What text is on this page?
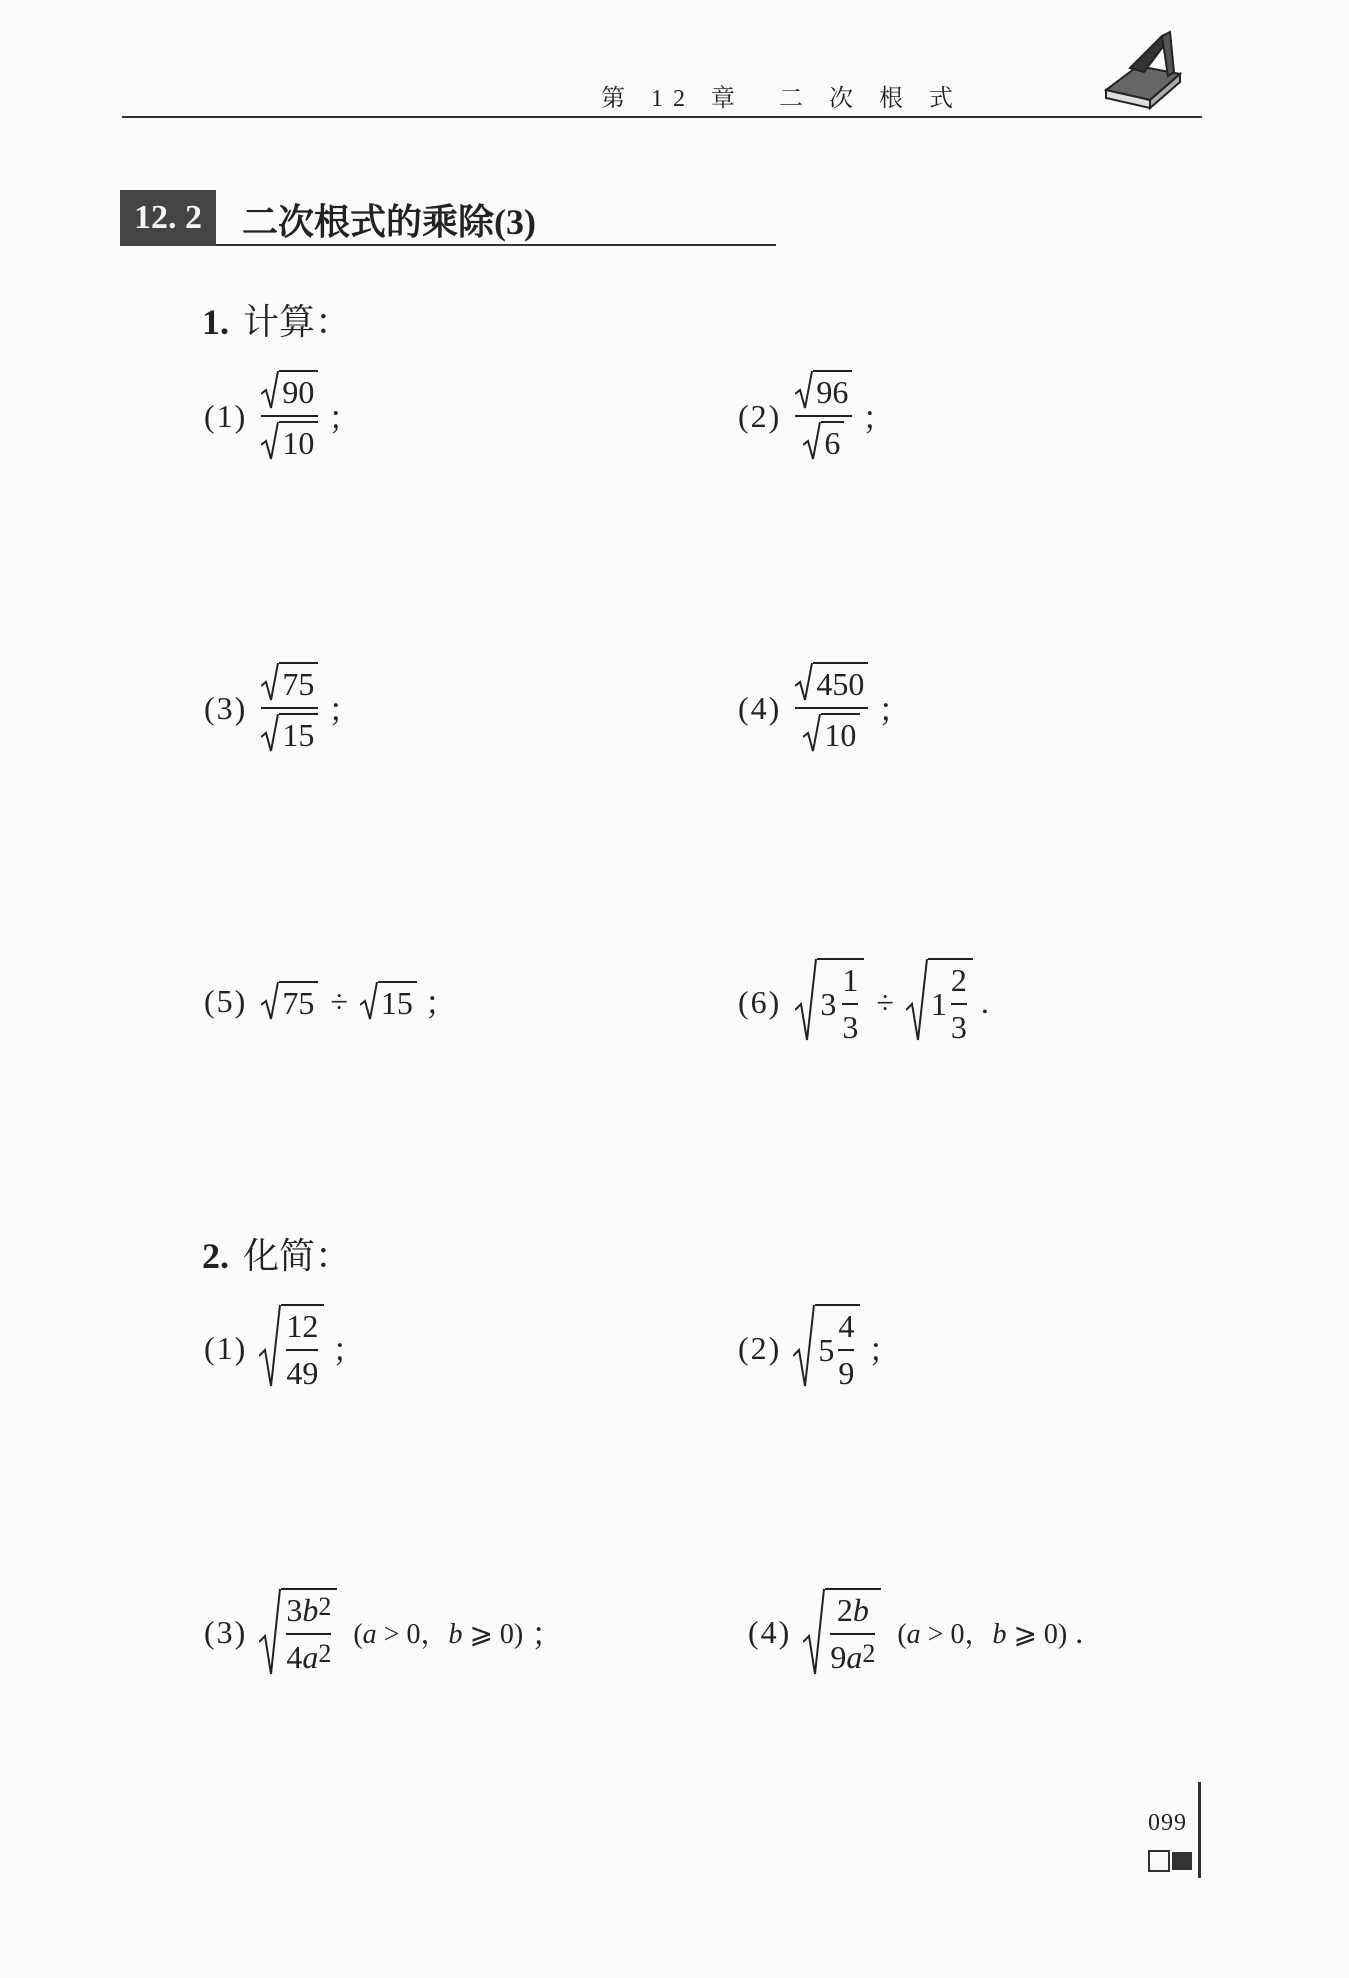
第 12 章　二 次 根 式
12. 2	二次根式的乘除(3)
1. 计算：
$(1) \frac{90}{10}$ ；	$(2) \frac{96}{6}$ ；
$(3) \frac{75}{15}$ ；	$(4) \frac{450}{10}$ ；
(5) 75 ÷ 15 ；	(6) $3 \frac{1}{3} \div 1 \frac{2}{3}$ .
2. 化简：
$(1) \frac{12}{49}$ ；	(2) $5 \frac{4}{9}$ ；
$(3) \frac{3 b 2}{4 a 2} (a > 0$，b ⩾ 0) ；	$(4) \frac{2 b}{9 a 2} (a > 0$，b ⩾ 0) .
099
